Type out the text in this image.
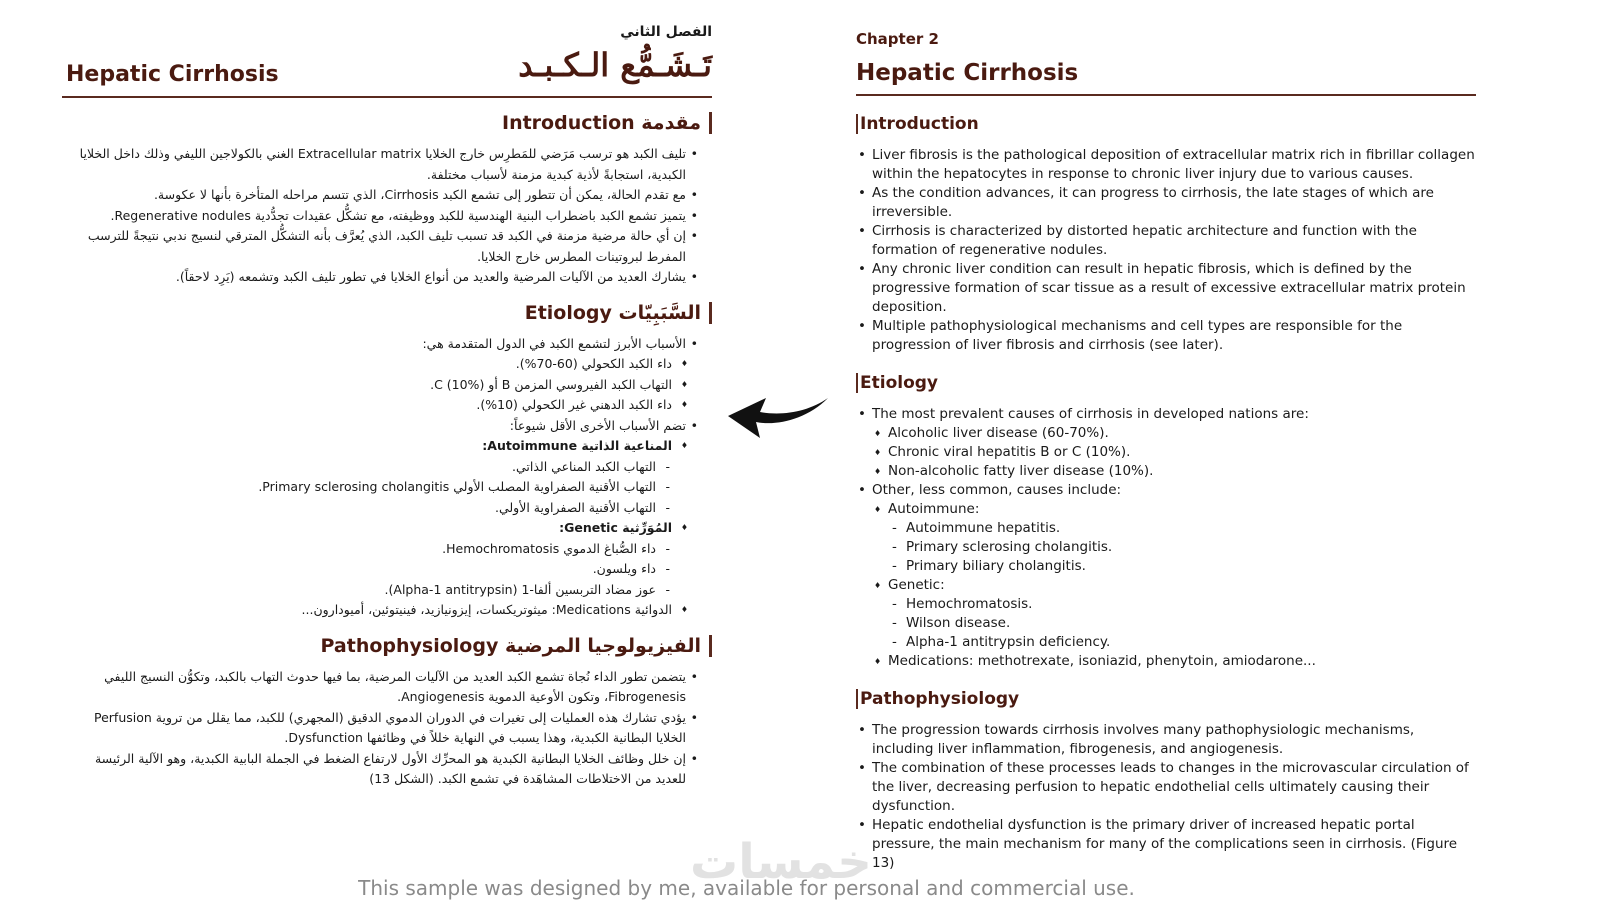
الفصل الثاني
تَـشَـمُّع الـكـبـد
Hepatic Cirrhosis
مقدمة Introduction
• تليف الكبد هو ترسب مَرَضي للمَطرِس خارج الخلايا Extracellular matrix الغني بالكولاجين الليفي وذلك داخل الخلايا الكبدية، استجابةً لأذية كبدية مزمنة لأسباب مختلفة.
• مع تقدم الحالة، يمكن أن تتطور إلى تشمع الكبد Cirrhosis، الذي تتسم مراحله المتأخرة بأنها لا عكوسة.
• يتميز تشمع الكبد باضطراب البنية الهندسية للكبد ووظيفته، مع تشكُّل عقيدات تجدُّدية Regenerative nodules.
• إن أي حالة مرضية مزمنة في الكبد قد تسبب تليف الكبد، الذي يُعرَّف بأنه التشكُّل المترقي لنسيج ندبي نتيجةً للترسب المفرط لبروتينات المطرس خارج الخلايا.
• يشارك العديد من الآليات المرضية والعديد من أنواع الخلايا في تطور تليف الكبد وتشمعه (يَرِد لاحقاً).
السَّبَبِيّات Etiology
• الأسباب الأبرز لتشمع الكبد في الدول المتقدمة هي:
♦ داء الكبد الكحولي (60-70%).
♦ التهاب الكبد الفيروسي المزمن B أو C (10%).
♦ داء الكبد الدهني غير الكحولي (10%).
• تضم الأسباب الأخرى الأقل شيوعاً:
♦ المناعية الذاتية Autoimmune:
- التهاب الكبد المناعي الذاتي.
- التهاب الأقنية الصفراوية المصلب الأولي Primary sclerosing cholangitis.
- التهاب الأقنية الصفراوية الأولي.
♦ المُوَرِّثية Genetic:
- داء الصُّباغ الدموي Hemochromatosis.
- داء ويلسون.
- عوز مضاد التربسين ألفا-1 (Alpha-1 antitrypsin).
♦ الدوائية Medications: ميثوتريكسات، إيزونيازيد، فينيتوئين، أميودارون...
الفيزيولوجيا المرضية Pathophysiology
• يتضمن تطور الداء نُجاة تشمع الكبد العديد من الآليات المرضية، بما فيها حدوث التهاب بالكبد، وتكوُّن النسيج الليفي Fibrogenesis، وتكون الأوعية الدموية Angiogenesis.
• يؤدي تشارك هذه العمليات إلى تغيرات في الدوران الدموي الدقيق (المجهري) للكبد، مما يقلل من تروية Perfusion الخلايا البطانية الكبدية، وهذا يسبب في النهاية خللاً في وظائفها Dysfunction.
• إن خلل وظائف الخلايا البطانية الكبدية هو المحرِّك الأول لارتفاع الضغط في الجملة البابية الكبدية، وهو الآلية الرئيسة للعديد من الاختلاطات المشاهَدة في تشمع الكبد. (الشكل 13)
Chapter 2
Hepatic Cirrhosis
Introduction
• Liver fibrosis is the pathological deposition of extracellular matrix rich in fibrillar collagen within the hepatocytes in response to chronic liver injury due to various causes.
• As the condition advances, it can progress to cirrhosis, the late stages of which are irreversible.
• Cirrhosis is characterized by distorted hepatic architecture and function with the formation of regenerative nodules.
• Any chronic liver condition can result in hepatic fibrosis, which is defined by the progressive formation of scar tissue as a result of excessive extracellular matrix protein deposition.
• Multiple pathophysiological mechanisms and cell types are responsible for the progression of liver fibrosis and cirrhosis (see later).
Etiology
• The most prevalent causes of cirrhosis in developed nations are:
♦ Alcoholic liver disease (60-70%).
♦ Chronic viral hepatitis B or C (10%).
♦ Non-alcoholic fatty liver disease (10%).
• Other, less common, causes include:
♦ Autoimmune:
- Autoimmune hepatitis.
- Primary sclerosing cholangitis.
- Primary biliary cholangitis.
♦ Genetic:
- Hemochromatosis.
- Wilson disease.
- Alpha-1 antitrypsin deficiency.
♦ Medications: methotrexate, isoniazid, phenytoin, amiodarone...
Pathophysiology
• The progression towards cirrhosis involves many pathophysiologic mechanisms, including liver inflammation, fibrogenesis, and angiogenesis.
• The combination of these processes leads to changes in the microvascular circulation of the liver, decreasing perfusion to hepatic endothelial cells ultimately causing their dysfunction.
• Hepatic endothelial dysfunction is the primary driver of increased hepatic portal pressure, the main mechanism for many of the complications seen in cirrhosis. (Figure 13)
خمسات
This sample was designed by me, available for personal and commercial use.
